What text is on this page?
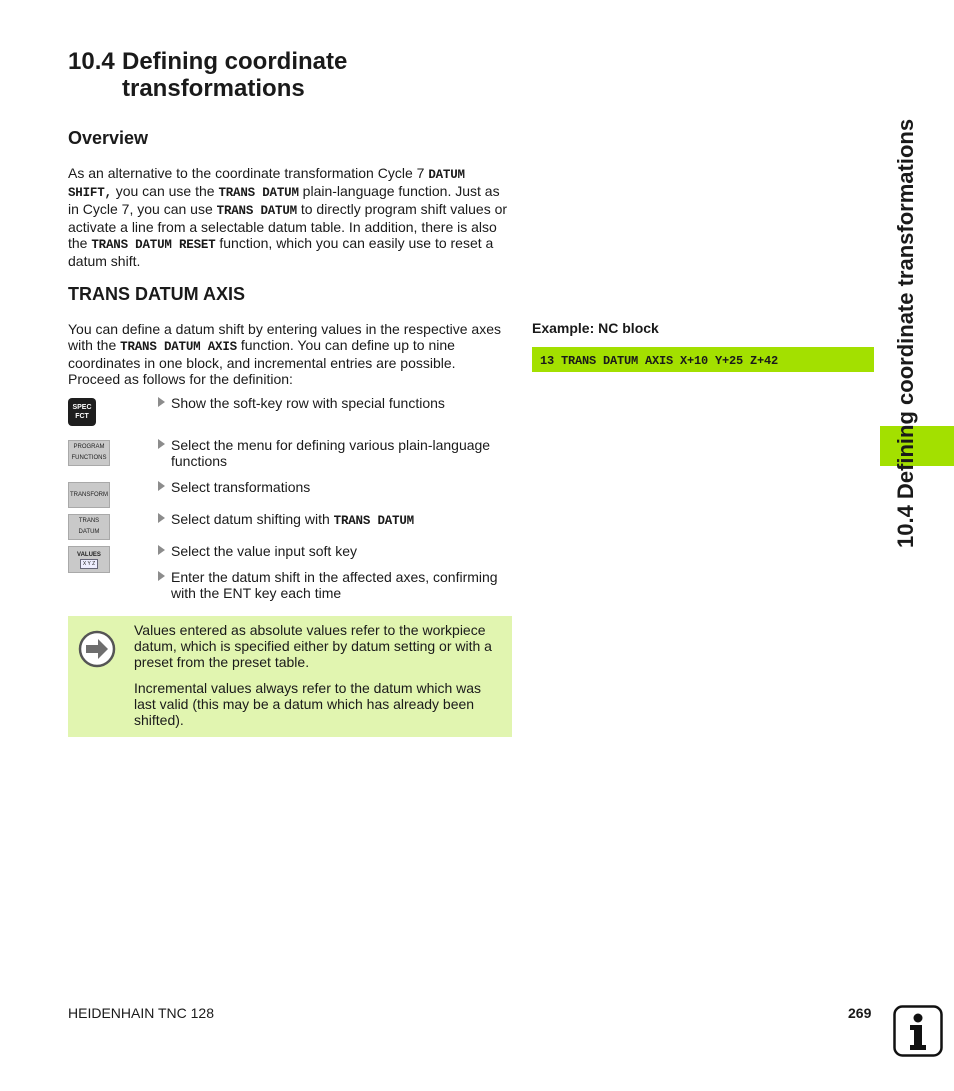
10.4 Defining coordinate
transformations
Overview

As an alternative to the coordinate transformation Cycle 7 DATUM SHIFT, you can use the TRANS DATUM plain-language function. Just as in Cycle 7, you can use TRANS DATUM to directly program shift values or activate a line from a selectable datum table. In addition, there is also the TRANS DATUM RESET function, which you can easily use to reset a datum shift.

TRANS DATUM AXIS

You can define a datum shift by entering values in the respective axes with the TRANS DATUM AXIS function. You can define up to nine coordinates in one block, and incremental entries are possible. Proceed as follows for the definition:

SPEC
FCT
Show the soft-key row with special functions
PROGRAM
FUNCTIONS
Select the menu for defining various plain-language functions
TRANSFORM	Select transformations
TRANS
DATUM
Select datum shifting with TRANS DATUM
VALUES
X Y Z
Select the value input soft key
Enter the datum shift in the affected axes, confirming with the ENT key each time

Values entered as absolute values refer to the workpiece datum, which is specified either by datum setting or with a preset from the preset table.

Incremental values always refer to the datum which was last valid (this may be a datum which has already been shifted).

Example: NC block
13 TRANS DATUM AXIS X+10 Y+25 Z+42	10.4 Defining coordinate transformations
HEIDENHAIN TNC 128	269
